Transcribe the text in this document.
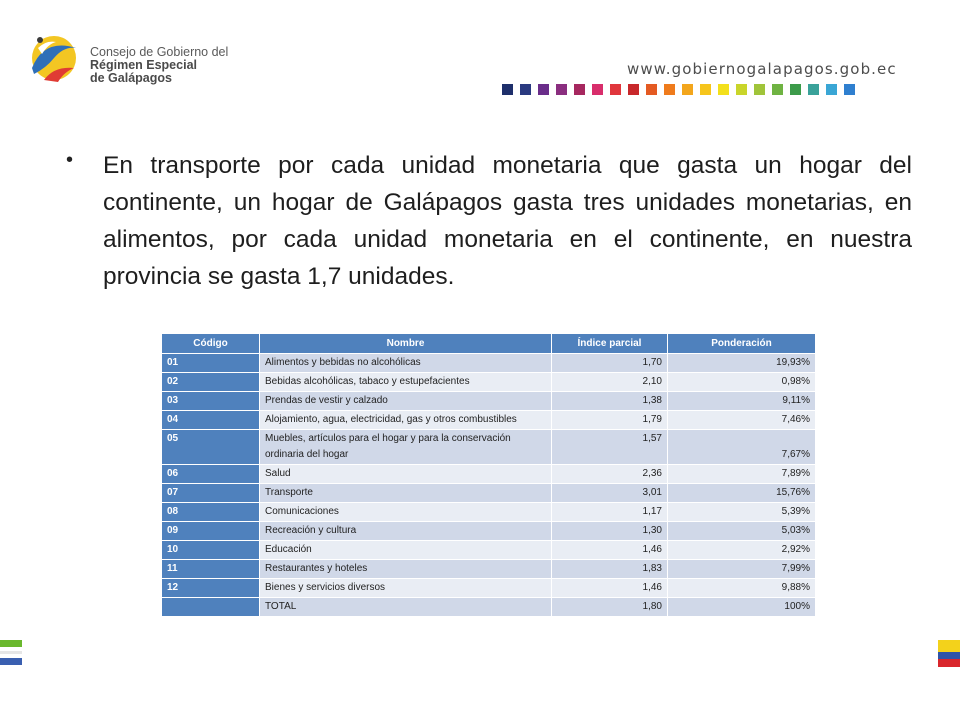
Consejo de Gobierno del
Régimen Especial
de Galápagos	www.gobiernogalapagos.gob.ec
• En transporte por cada unidad monetaria que gasta un hogar del continente, un hogar de Galápagos gasta tres unidades monetarias, en alimentos, por cada unidad monetaria en el continente, en nuestra provincia se gasta 1,7 unidades.
Código	Nombre	Índice parcial	Ponderación
01	Alimentos y bebidas no alcohólicas	1,70	19,93%
02	Bebidas alcohólicas, tabaco y estupefacientes	2,10	0,98%
03	Prendas de vestir y calzado	1,38	9,11%
04	Alojamiento, agua, electricidad, gas y otros combustibles	1,79	7,46%
05	Muebles, artículos para el hogar y para la conservación ordinaria del hogar	1,57	7,67%
06	Salud	2,36	7,89%
07	Transporte	3,01	15,76%
08	Comunicaciones	1,17	5,39%
09	Recreación y cultura	1,30	5,03%
10	Educación	1,46	2,92%
11	Restaurantes y hoteles	1,83	7,99%
12	Bienes y servicios diversos	1,46	9,88%
	TOTAL	1,80	100%
